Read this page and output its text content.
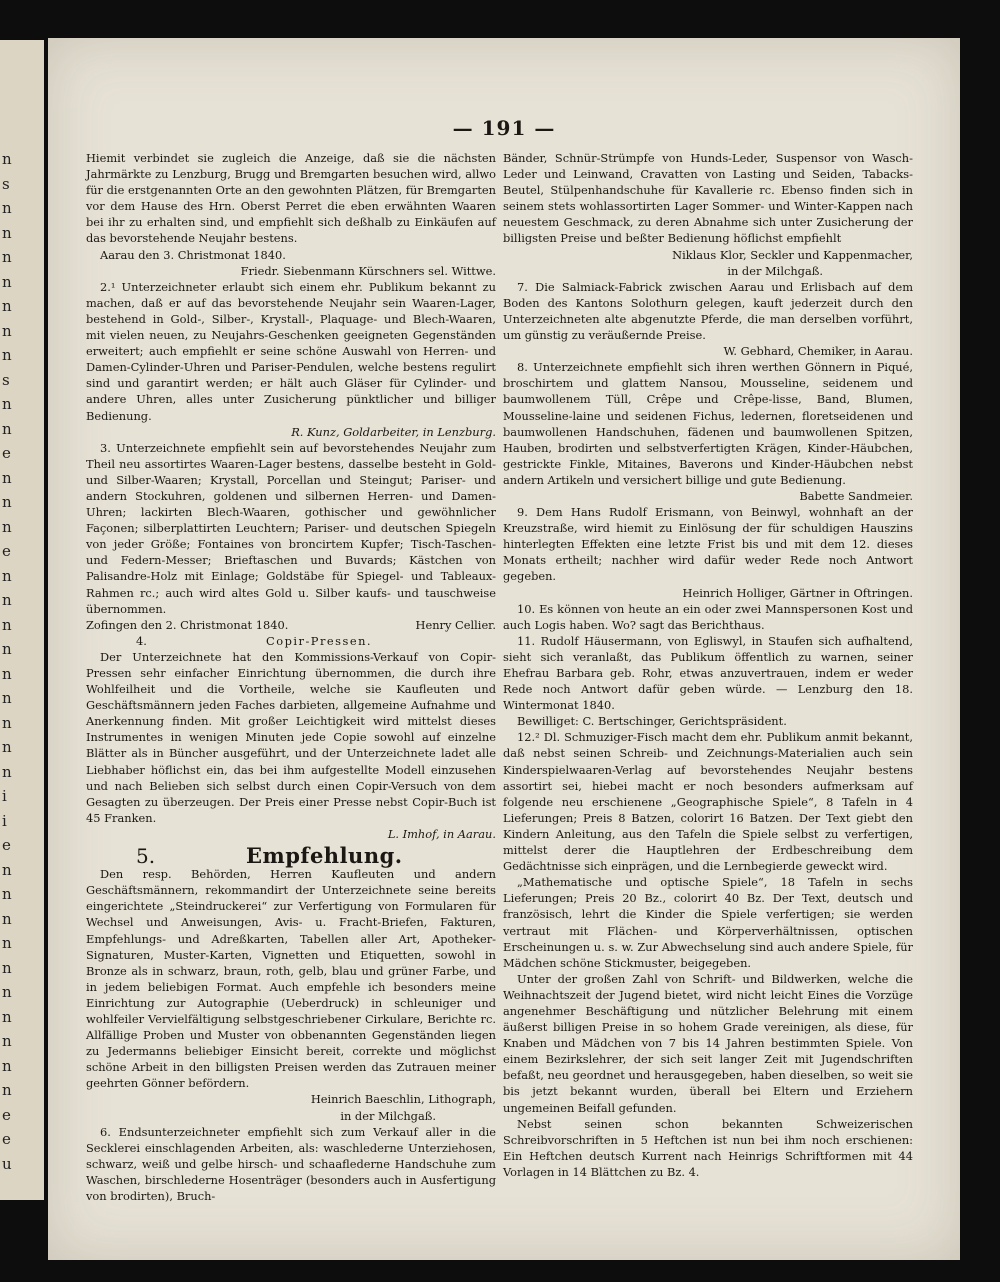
n
s
n
n
n
n
n
n
n
s
n
n
e
n
n
n
e
n
n
n
n
n
n
n
n
n
i
i
e
n
n
n
n
n
n
n
n
n
n
e
e
u
— 191 —

Hiemit verbindet sie zugleich die Anzeige, daß sie die nächsten Jahrmärkte zu Lenzburg, Brugg und Bremgarten besuchen wird, allwo für die erstgenannten Orte an den gewohnten Plätzen, für Bremgarten vor dem Hause des Hrn. Oberst Perret die eben erwähnten Waaren bei ihr zu erhalten sind, und empfiehlt sich deßhalb zu Einkäufen auf das bevorstehende Neujahr bestens.

Aarau den 3. Christmonat 1840.

Friedr. Siebenmann Kürschners sel. Wittwe.

2.¹ Unterzeichneter erlaubt sich einem ehr. Publikum bekannt zu machen, daß er auf das bevorstehende Neujahr sein Waaren-Lager, bestehend in Gold-, Silber-, Krystall-, Plaquage- und Blech-Waaren, mit vielen neuen, zu Neujahrs-Geschenken geeigneten Gegenständen erweitert; auch empfiehlt er seine schöne Auswahl von Herren- und Damen-Cylinder-Uhren und Pariser-Pendulen, welche bestens regulirt sind und garantirt werden; er hält auch Gläser für Cylinder- und andere Uhren, alles unter Zusicherung pünktlicher und billiger Bedienung.

R. Kunz, Goldarbeiter, in Lenzburg.

3. Unterzeichnete empfiehlt sein auf bevorstehendes Neujahr zum Theil neu assortirtes Waaren-Lager bestens, dasselbe besteht in Gold- und Silber-Waaren; Krystall, Porcellan und Steingut; Pariser- und andern Stockuhren, goldenen und silbernen Herren- und Damen-Uhren; lackirten Blech-Waaren, gothischer und gewöhnlicher Façonen; silberplattirten Leuchtern; Pariser- und deutschen Spiegeln von jeder Größe; Fontaines von broncirtem Kupfer; Tisch-Taschen- und Federn-Messer; Brieftaschen und Buvards; Kästchen von Palisandre-Holz mit Einlage; Goldstäbe für Spiegel- und Tableaux-Rahmen rc.; auch wird altes Gold u. Silber kaufs- und tauschweise übernommen.

Zofingen den 2. Christmonat 1840.	Henry Cellier.

4.	Copir-Pressen.

Der Unterzeichnete hat den Kommissions-Verkauf von Copir-Pressen sehr einfacher Einrichtung übernommen, die durch ihre Wohlfeilheit und die Vortheile, welche sie Kaufleuten und Geschäftsmännern jeden Faches darbieten, allgemeine Aufnahme und Anerkennung finden. Mit großer Leichtigkeit wird mittelst dieses Instrumentes in wenigen Minuten jede Copie sowohl auf einzelne Blätter als in Büncher ausgeführt, und der Unterzeichnete ladet alle Liebhaber höflichst ein, das bei ihm aufgestellte Modell einzusehen und nach Belieben sich selbst durch einen Copir-Versuch von dem Gesagten zu überzeugen. Der Preis einer Presse nebst Copir-Buch ist 45 Franken.

L. Imhof, in Aarau.

5.	Empfehlung.

Den resp. Behörden, Herren Kaufleuten und andern Geschäftsmännern, rekommandirt der Unterzeichnete seine bereits eingerichtete „Steindruckerei“ zur Verfertigung von Formularen für Wechsel und Anweisungen, Avis- u. Fracht-Briefen, Fakturen, Empfehlungs- und Adreßkarten, Tabellen aller Art, Apotheker-Signaturen, Muster-Karten, Vignetten und Etiquetten, sowohl in Bronze als in schwarz, braun, roth, gelb, blau und grüner Farbe, und in jedem beliebigen Format. Auch empfehle ich besonders meine Einrichtung zur Autographie (Ueberdruck) in schleuniger und wohlfeiler Vervielfältigung selbstgeschriebener Cirkulare, Berichte rc. Allfällige Proben und Muster von obbenannten Gegenständen liegen zu Jedermanns beliebiger Einsicht bereit, correkte und möglichst schöne Arbeit in den billigsten Preisen werden das Zutrauen meiner geehrten Gönner befördern.

Heinrich Baeschlin, Lithograph,

in der Milchgaß.

6. Endsunterzeichneter empfiehlt sich zum Verkauf aller in die Secklerei einschlagenden Arbeiten, als: waschlederne Unterziehosen, schwarz, weiß und gelbe hirsch- und schaaflederne Handschuhe zum Waschen, birschlederne Hosenträger (besonders auch in Ausfertigung von brodirten), Bruch-

Bänder, Schnür-Strümpfe von Hunds-Leder, Suspensor von Wasch-Leder und Leinwand, Cravatten von Lasting und Seiden, Tabacks-Beutel, Stülpenhandschuhe für Kavallerie rc. Ebenso finden sich in seinem stets wohlassortirten Lager Sommer- und Winter-Kappen nach neuestem Geschmack, zu deren Abnahme sich unter Zusicherung der billigsten Preise und beßter Bedienung höflichst empfiehlt

Niklaus Klor, Seckler und Kappenmacher,

in der Milchgaß.

7. Die Salmiack-Fabrick zwischen Aarau und Erlisbach auf dem Boden des Kantons Solothurn gelegen, kauft jederzeit durch den Unterzeichneten alte abgenutzte Pferde, die man derselben vorführt, um günstig zu veräußernde Preise.

W. Gebhard, Chemiker, in Aarau.

8. Unterzeichnete empfiehlt sich ihren werthen Gönnern in Piqué, broschirtem und glattem Nansou, Mousseline, seidenem und baumwollenem Tüll, Crêpe und Crêpe-lisse, Band, Blumen, Mousseline-laine und seidenen Fichus, ledernen, floretseidenen und baumwollenen Handschuhen, fädenen und baumwollenen Spitzen, Hauben, brodirten und selbstverfertigten Krägen, Kinder-Häubchen, gestrickte Finkle, Mitaines, Baverons und Kinder-Häubchen nebst andern Artikeln und versichert billige und gute Bedienung.

Babette Sandmeier.

9. Dem Hans Rudolf Erismann, von Beinwyl, wohnhaft an der Kreuzstraße, wird hiemit zu Einlösung der für schuldigen Hauszins hinterlegten Effekten eine letzte Frist bis und mit dem 12. dieses Monats ertheilt; nachher wird dafür weder Rede noch Antwort gegeben.

Heinrich Holliger, Gärtner in Oftringen.

10. Es können von heute an ein oder zwei Mannspersonen Kost und auch Logis haben. Wo? sagt das Berichthaus.

11. Rudolf Häusermann, von Egliswyl, in Staufen sich aufhaltend, sieht sich veranlaßt, das Publikum öffentlich zu warnen, seiner Ehefrau Barbara geb. Rohr, etwas anzuvertrauen, indem er weder Rede noch Antwort dafür geben würde. — Lenzburg den 18. Wintermonat 1840.

Bewilliget: C. Bertschinger, Gerichtspräsident.

12.² Dl. Schmuziger-Fisch macht dem ehr. Publikum anmit bekannt, daß nebst seinen Schreib- und Zeichnungs-Materialien auch sein Kinderspielwaaren-Verlag auf bevorstehendes Neujahr bestens assortirt sei, hiebei macht er noch besonders aufmerksam auf folgende neu erschienene „Geographische Spiele“, 8 Tafeln in 4 Lieferungen; Preis 8 Batzen, colorirt 16 Batzen. Der Text giebt den Kindern Anleitung, aus den Tafeln die Spiele selbst zu verfertigen, mittelst derer die Hauptlehren der Erdbeschreibung dem Gedächtnisse sich einprägen, und die Lernbegierde geweckt wird.

„Mathematische und optische Spiele“, 18 Tafeln in sechs Lieferungen; Preis 20 Bz., colorirt 40 Bz. Der Text, deutsch und französisch, lehrt die Kinder die Spiele verfertigen; sie werden vertraut mit Flächen- und Körperverhältnissen, optischen Erscheinungen u. s. w. Zur Abwechselung sind auch andere Spiele, für Mädchen schöne Stickmuster, beigegeben.

Unter der großen Zahl von Schrift- und Bildwerken, welche die Weihnachtszeit der Jugend bietet, wird nicht leicht Eines die Vorzüge angenehmer Beschäftigung und nützlicher Belehrung mit einem äußerst billigen Preise in so hohem Grade vereinigen, als diese, für Knaben und Mädchen von 7 bis 14 Jahren bestimmten Spiele. Von einem Bezirkslehrer, der sich seit langer Zeit mit Jugendschriften befaßt, neu geordnet und herausgegeben, haben dieselben, so weit sie bis jetzt bekannt wurden, überall bei Eltern und Erziehern ungemeinen Beifall gefunden.

Nebst seinen schon bekannten Schweizerischen Schreibvorschriften in 5 Heftchen ist nun bei ihm noch erschienen: Ein Heftchen deutsch Kurrent nach Heinrigs Schriftformen mit 44 Vorlagen in 14 Blättchen zu Bz. 4.
